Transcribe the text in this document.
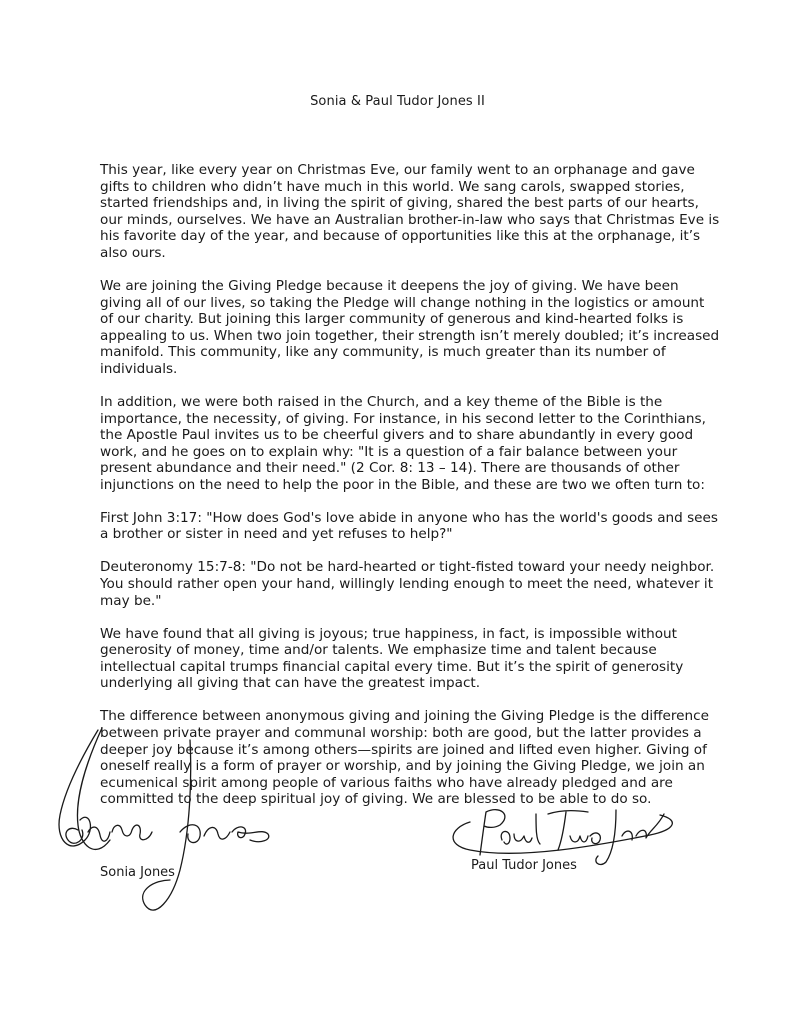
Sonia & Paul Tudor Jones II

This year, like every year on Christmas Eve, our family went to an orphanage and gave gifts to children who didn’t have much in this world. We sang carols, swapped stories, started friendships and, in living the spirit of giving, shared the best parts of our hearts, our minds, ourselves. We have an Australian brother-in-law who says that Christmas Eve is his favorite day of the year, and because of opportunities like this at the orphanage, it’s also ours.

We are joining the Giving Pledge because it deepens the joy of giving. We have been giving all of our lives, so taking the Pledge will change nothing in the logistics or amount of our charity. But joining this larger community of generous and kind-hearted folks is appealing to us. When two join together, their strength isn’t merely doubled; it’s increased manifold. This community, like any community, is much greater than its number of individuals.

In addition, we were both raised in the Church, and a key theme of the Bible is the importance, the necessity, of giving. For instance, in his second letter to the Corinthians, the Apostle Paul invites us to be cheerful givers and to share abundantly in every good work, and he goes on to explain why: "It is a question of a fair balance between your present abundance and their need." (2 Cor. 8: 13 – 14). There are thousands of other injunctions on the need to help the poor in the Bible, and these are two we often turn to:

First John 3:17: "How does God's love abide in anyone who has the world's goods and sees a brother or sister in need and yet refuses to help?"

Deuteronomy 15:7-8: "Do not be hard-hearted or tight-fisted toward your needy neighbor. You should rather open your hand, willingly lending enough to meet the need, whatever it may be."

We have found that all giving is joyous; true happiness, in fact, is impossible without generosity of money, time and/or talents. We emphasize time and talent because intellectual capital trumps financial capital every time. But it’s the spirit of generosity underlying all giving that can have the greatest impact.

The difference between anonymous giving and joining the Giving Pledge is the difference between private prayer and communal worship: both are good, but the latter provides a deeper joy because it’s among others—spirits are joined and lifted even higher. Giving of oneself really is a form of prayer or worship, and by joining the Giving Pledge, we join an ecumenical spirit among people of various faiths who have already pledged and are committed to the deep spiritual joy of giving. We are blessed to be able to do so.

Sonia Jones	Paul Tudor Jones
